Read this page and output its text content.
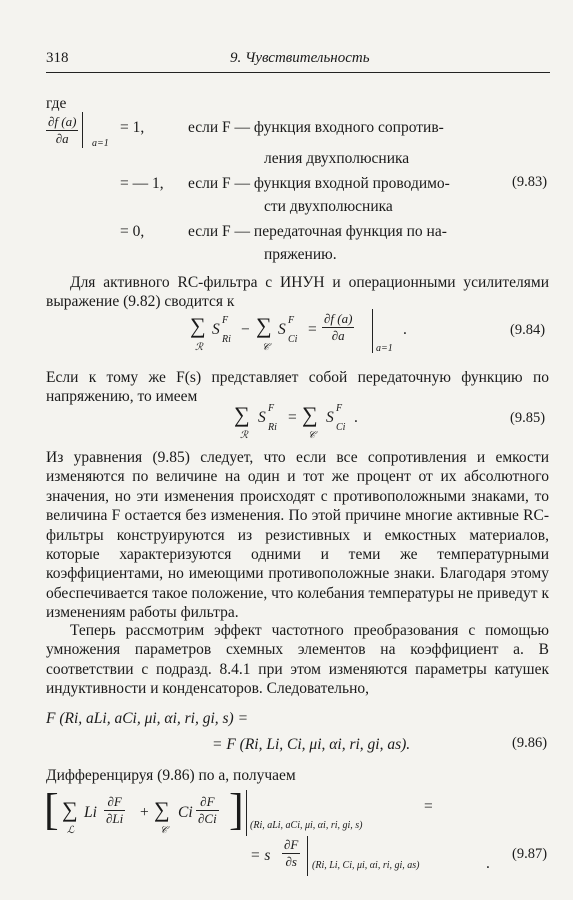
318	9. Чувствительность
где
$\frac{\partial f (a)}{\partial a}$
a=1
= 1,	если F — функция входного сопротив-
ления двухполюсника
= — 1, если F — функция входной проводимо-
сти двухполюсника
= 0,	если F — передаточная функция по на-
пряжению.
(9.83)
Для активного RC-фильтра с ИНУН и операционными усилителями выражение (9.82) сводится к
∑
ℛ
S
F
Ri
− ∑
𝒞
S
F
Ci
= $\frac{\partial f (a)}{\partial a}$
a=1
.	(9.84)
Если к тому же F(s) представляет собой передаточную функцию по напряжению, то имеем
∑
ℛ
S
F
Ri
= ∑
𝒞
S
F
Ci
.	(9.85)
Из уравнения (9.85) следует, что если все сопротивления и емкости изменяются по величине на один и тот же процент от их абсолютного значения, но эти изменения происходят с противоположными знаками, то величина F остается без изменения. По этой причине многие активные RC-фильтры конструируются из резистивных и емкостных материалов, которые характеризуются одними и теми же температурными коэффициентами, но имеющими противоположные знаки. Благодаря этому обеспечивается такое положение, что колебания температуры не приведут к изменениям работы фильтра.
Теперь рассмотрим эффект частотного преобразования с помощью умножения параметров схемных элементов на коэффициент a. В соответствии с подразд. 8.4.1 при этом изменяются параметры катушек индуктивности и конденсаторов. Следовательно,
F (Ri, aLi, aCi, μi, αi, ri, gi, s) =
= F (Ri, Li, Ci, μi, αi, ri, gi, as).	(9.86)
Дифференцируя (9.86) по a, получаем
[ ∑
ℒ
Li $\frac{\partial F}{\partial Li}$ + ∑
𝒞
Ci $\frac{\partial F}{\partial Ci}$ ] (Ri, aLi, aCi, μi, αi, ri, gi, s)
=
= s $\frac{\partial F}{\partial s} (Ri$, Li, Ci, μi, αi, ri, gi, as)	.
(9.87)
